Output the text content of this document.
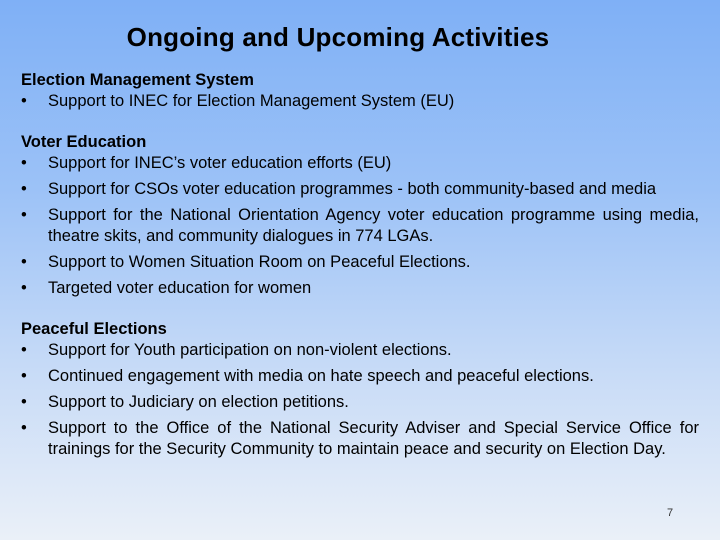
Ongoing and Upcoming Activities
Election Management System
• Support to INEC for Election Management System (EU)
Voter Education
• Support for INEC’s voter education efforts (EU)
• Support for CSOs voter education programmes - both community-based and media
• Support for the National Orientation Agency voter education programme using media, theatre skits, and community dialogues in 774 LGAs.
• Support to Women Situation Room on Peaceful Elections.
• Targeted voter education for women
Peaceful Elections
• Support for Youth participation on non-violent elections.
• Continued engagement with media on hate speech and peaceful elections.
• Support to Judiciary on election petitions.
• Support to the Office of the National Security Adviser and Special Service Office for trainings for the Security Community to maintain peace and security on Election Day.
7
